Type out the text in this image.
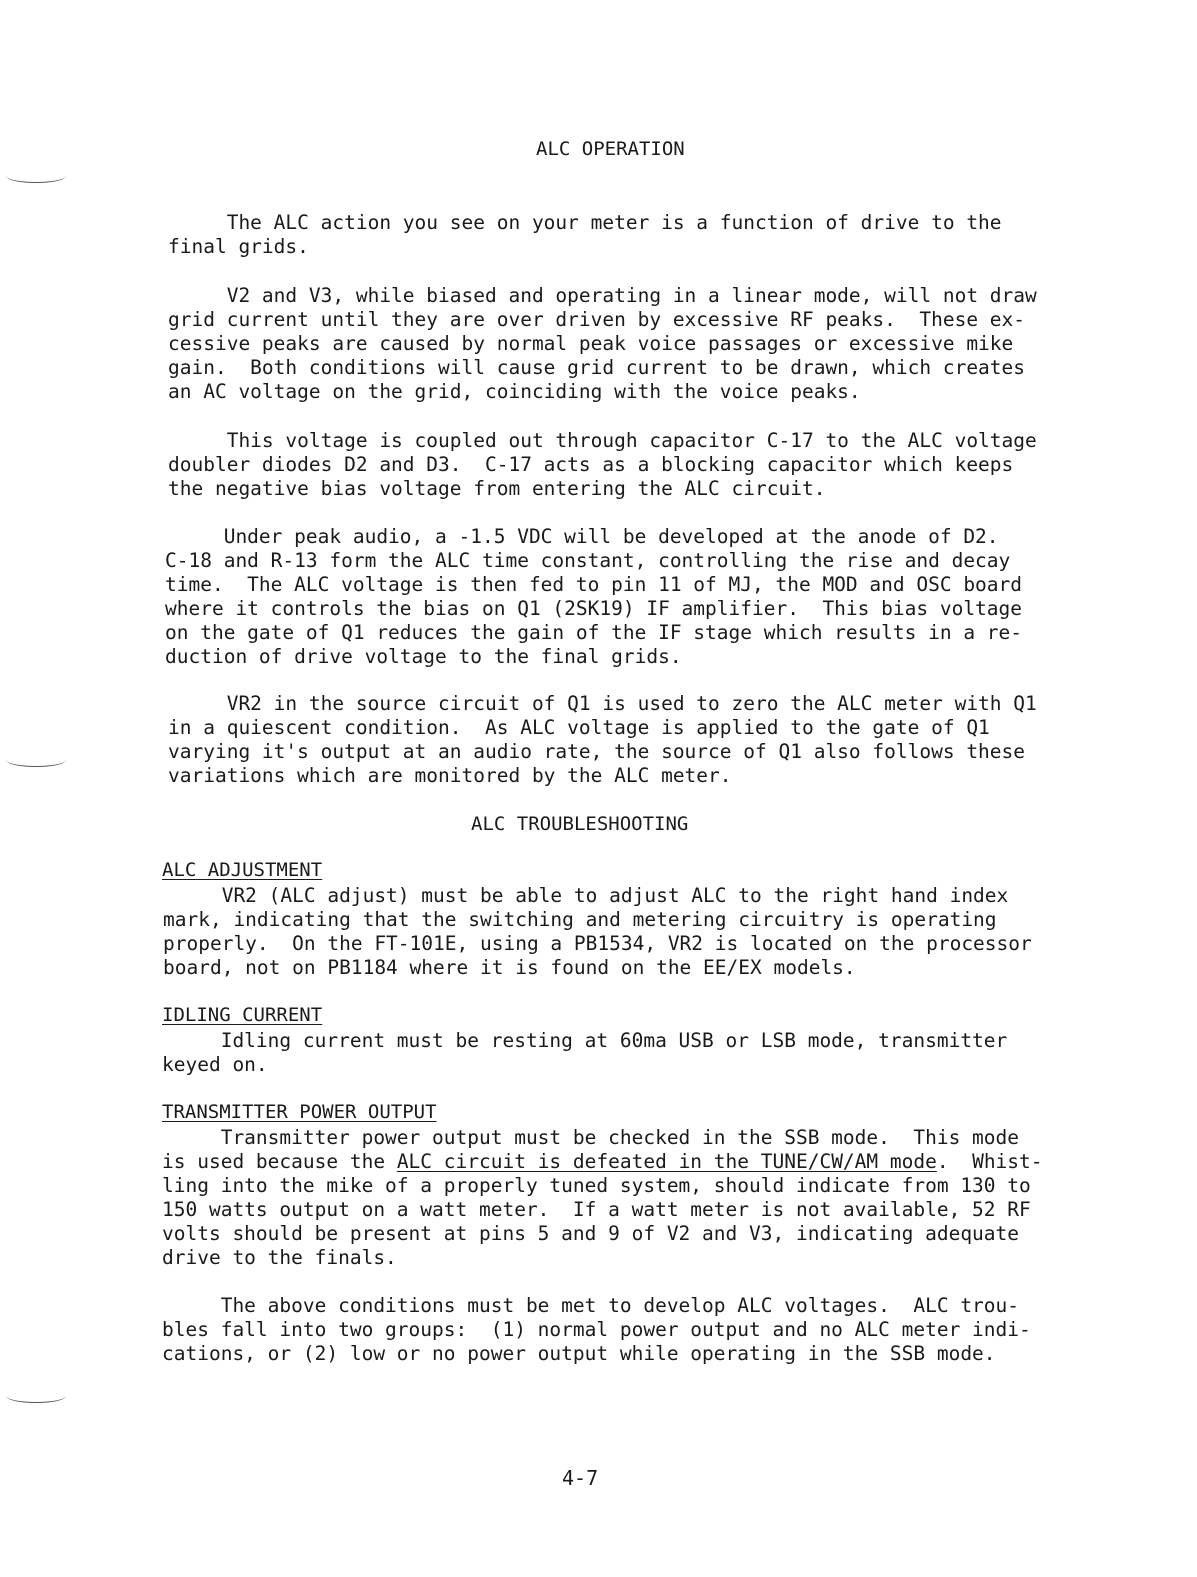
ALC OPERATION
The ALC action you see on your meter is a function of drive to the
final grids.
V2 and V3, while biased and operating in a linear mode, will not draw
grid current until they are over driven by excessive RF peaks.  These ex-
cessive peaks are caused by normal peak voice passages or excessive mike
gain.  Both conditions will cause grid current to be drawn, which creates
an AC voltage on the grid, coinciding with the voice peaks.
This voltage is coupled out through capacitor C-17 to the ALC voltage
doubler diodes D2 and D3.  C-17 acts as a blocking capacitor which keeps
the negative bias voltage from entering the ALC circuit.
Under peak audio, a -1.5 VDC will be developed at the anode of D2.
C-18 and R-13 form the ALC time constant, controlling the rise and decay
time.  The ALC voltage is then fed to pin 11 of MJ, the MOD and OSC board
where it controls the bias on Q1 (2SK19) IF amplifier.  This bias voltage
on the gate of Q1 reduces the gain of the IF stage which results in a re-
duction of drive voltage to the final grids.
VR2 in the source circuit of Q1 is used to zero the ALC meter with Q1
in a quiescent condition.  As ALC voltage is applied to the gate of Q1
varying it's output at an audio rate, the source of Q1 also follows these
variations which are monitored by the ALC meter.
ALC TROUBLESHOOTING
ALC ADJUSTMENT
VR2 (ALC adjust) must be able to adjust ALC to the right hand index
mark, indicating that the switching and metering circuitry is operating
properly.  On the FT-101E, using a PB1534, VR2 is located on the processor
board, not on PB1184 where it is found on the EE/EX models.
IDLING CURRENT
Idling current must be resting at 60ma USB or LSB mode, transmitter
keyed on.
TRANSMITTER POWER OUTPUT
Transmitter power output must be checked in the SSB mode.  This mode
is used because the ALC circuit is defeated in the TUNE/CW/AM mode.  Whist-
ling into the mike of a properly tuned system, should indicate from 130 to
150 watts output on a watt meter.  If a watt meter is not available, 52 RF
volts should be present at pins 5 and 9 of V2 and V3, indicating adequate
drive to the finals.
The above conditions must be met to develop ALC voltages.  ALC trou-
bles fall into two groups:  (1) normal power output and no ALC meter indi-
cations, or (2) low or no power output while operating in the SSB mode.
4-7
